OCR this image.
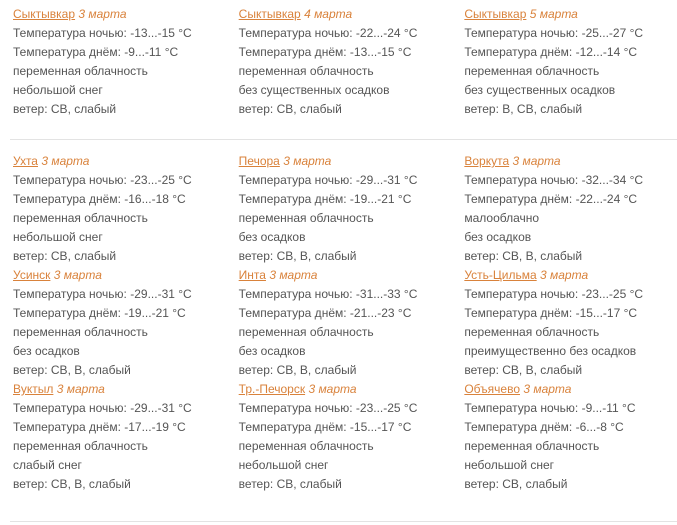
Сыктывкар 3 марта
Температура ночью: -13...-15 °C
Температура днём: -9...-11 °C
переменная облачность
небольшой снег
ветер: СВ, слабый
Сыктывкар 4 марта
Температура ночью: -22...-24 °C
Температура днём: -13...-15 °C
переменная облачность
без существенных осадков
ветер: СВ, слабый
Сыктывкар 5 марта
Температура ночью: -25...-27 °C
Температура днём: -12...-14 °C
переменная облачность
без существенных осадков
ветер: В, СВ, слабый
Ухта 3 марта
Температура ночью: -23...-25 °C
Температура днём: -16...-18 °C
переменная облачность
небольшой снег
ветер: СВ, слабый
Печора 3 марта
Температура ночью: -29...-31 °C
Температура днём: -19...-21 °C
переменная облачность
без осадков
ветер: СВ, В, слабый
Воркута 3 марта
Температура ночью: -32...-34 °C
Температура днём: -22...-24 °C
малооблачно
без осадков
ветер: СВ, В, слабый
Усинск 3 марта
Температура ночью: -29...-31 °C
Температура днём: -19...-21 °C
переменная облачность
без осадков
ветер: СВ, В, слабый
Инта 3 марта
Температура ночью: -31...-33 °C
Температура днём: -21...-23 °C
переменная облачность
без осадков
ветер: СВ, В, слабый
Усть-Цильма 3 марта
Температура ночью: -23...-25 °C
Температура днём: -15...-17 °C
переменная облачность
преимущественно без осадков
ветер: СВ, В, слабый
Вуктыл 3 марта
Температура ночью: -29...-31 °C
Температура днём: -17...-19 °C
переменная облачность
слабый снег
ветер: СВ, В, слабый
Тр.-Печорск 3 марта
Температура ночью: -23...-25 °C
Температура днём: -15...-17 °C
переменная облачность
небольшой снег
ветер: СВ, слабый
Объячево 3 марта
Температура ночью: -9...-11 °C
Температура днём: -6...-8 °C
переменная облачность
небольшой снег
ветер: СВ, слабый
